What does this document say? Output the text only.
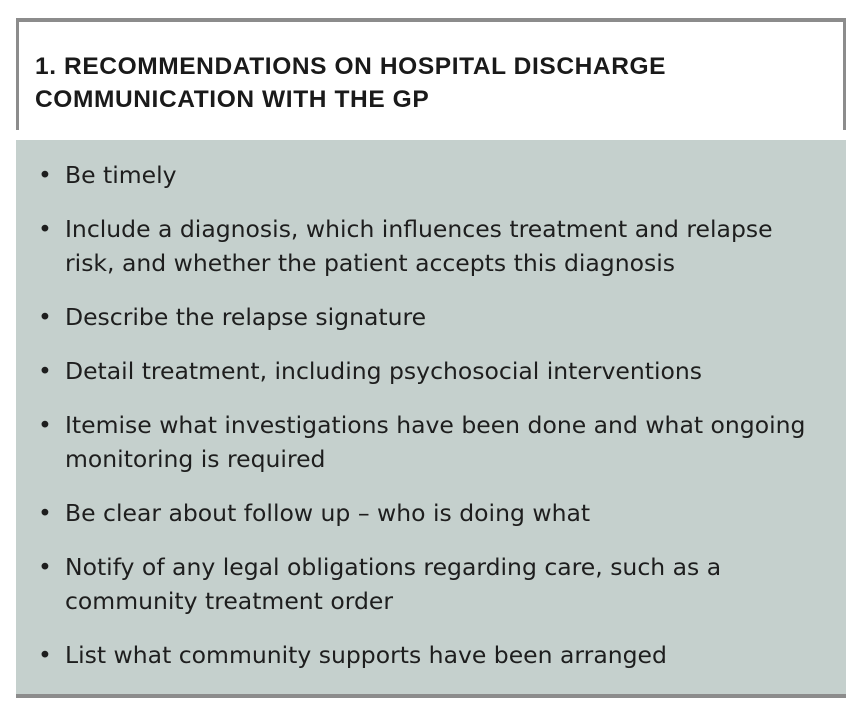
1. RECOMMENDATIONS ON HOSPITAL DISCHARGE COMMUNICATION WITH THE GP
• Be timely
• Include a diagnosis, which influences treatment and relapse risk, and whether the patient accepts this diagnosis
• Describe the relapse signature
• Detail treatment, including psychosocial interventions
• Itemise what investigations have been done and what ongoing monitoring is required
• Be clear about follow up – who is doing what
• Notify of any legal obligations regarding care, such as a community treatment order
• List what community supports have been arranged
